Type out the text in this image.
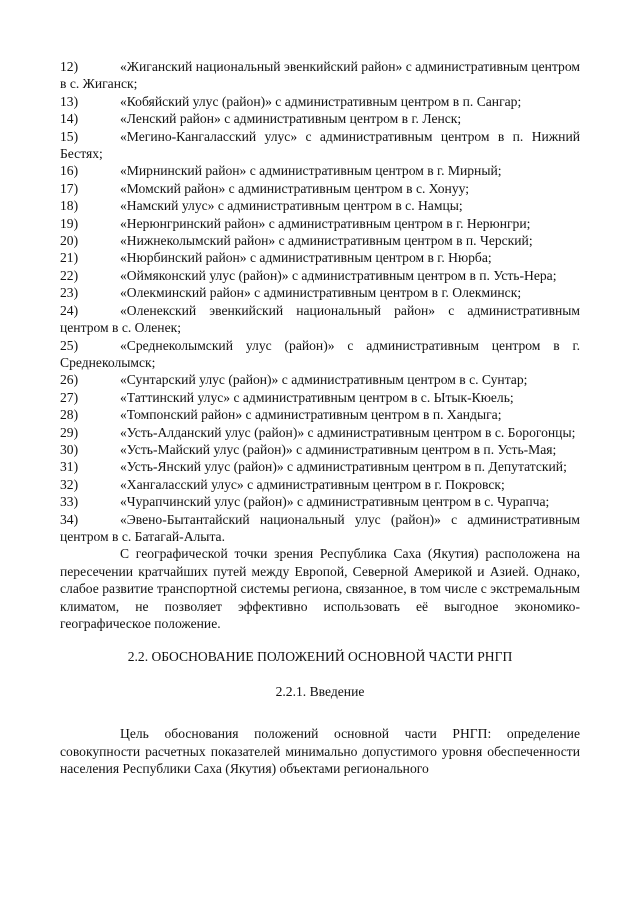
12)	«Жиганский национальный эвенкийский район» с административным центром в с. Жиганск;
13)	«Кобяйский улус (район)» с административным центром в п. Сангар;
14)	«Ленский район» с административным центром в г. Ленск;
15)	«Мегино-Кангаласский улус» с административным центром в п. Нижний Бестях;
16)	«Мирнинский район» с административным центром в г. Мирный;
17)	«Момский район» с административным центром в с. Хонуу;
18)	«Намский улус» с административным центром в с. Намцы;
19)	«Нерюнгринский район» с административным центром в г. Нерюнгри;
20)	«Нижнеколымский район» с административным центром в п. Черский;
21)	«Нюрбинский район» с административным центром в г. Нюрба;
22)	«Оймяконский улус (район)» с административным центром в п. Усть-Нера;
23)	«Олекминский район» с административным центром в г. Олекминск;
24)	«Оленекский эвенкийский национальный район» с административным центром в с. Оленек;
25)	«Среднеколымский улус (район)» с административным центром в г. Среднеколымск;
26)	«Сунтарский улус (район)» с административным центром в с. Сунтар;
27)	«Таттинский улус» с административным центром в с. Ытык-Кюель;
28)	«Томпонский район» с административным центром в п. Хандыга;
29)	«Усть-Алданский улус (район)» с административным центром в с. Борогонцы;
30)	«Усть-Майский улус (район)» с административным центром в п. Усть-Мая;
31)	«Усть-Янский улус (район)» с административным центром в п. Депутатский;
32)	«Хангаласский улус» с административным центром в г. Покровск;
33)	«Чурапчинский улус (район)» с административным центром в с. Чурапча;
34)	«Эвено-Бытантайский национальный улус (район)» с административным центром в с. Батагай-Алыта.

С географической точки зрения Республика Саха (Якутия) расположена на пересечении кратчайших путей между Европой, Северной Америкой и Азией. Однако, слабое развитие транспортной системы региона, связанное, в том числе с экстремальным климатом, не позволяет эффективно использовать её выгодное экономико-географическое положение.

2.2. ОБОСНОВАНИЕ ПОЛОЖЕНИЙ ОСНОВНОЙ ЧАСТИ РНГП

2.2.1. Введение

Цель обоснования положений основной части РНГП: определение совокупности расчетных показателей минимально допустимого уровня обеспеченности населения Республики Саха (Якутия) объектами регионального
